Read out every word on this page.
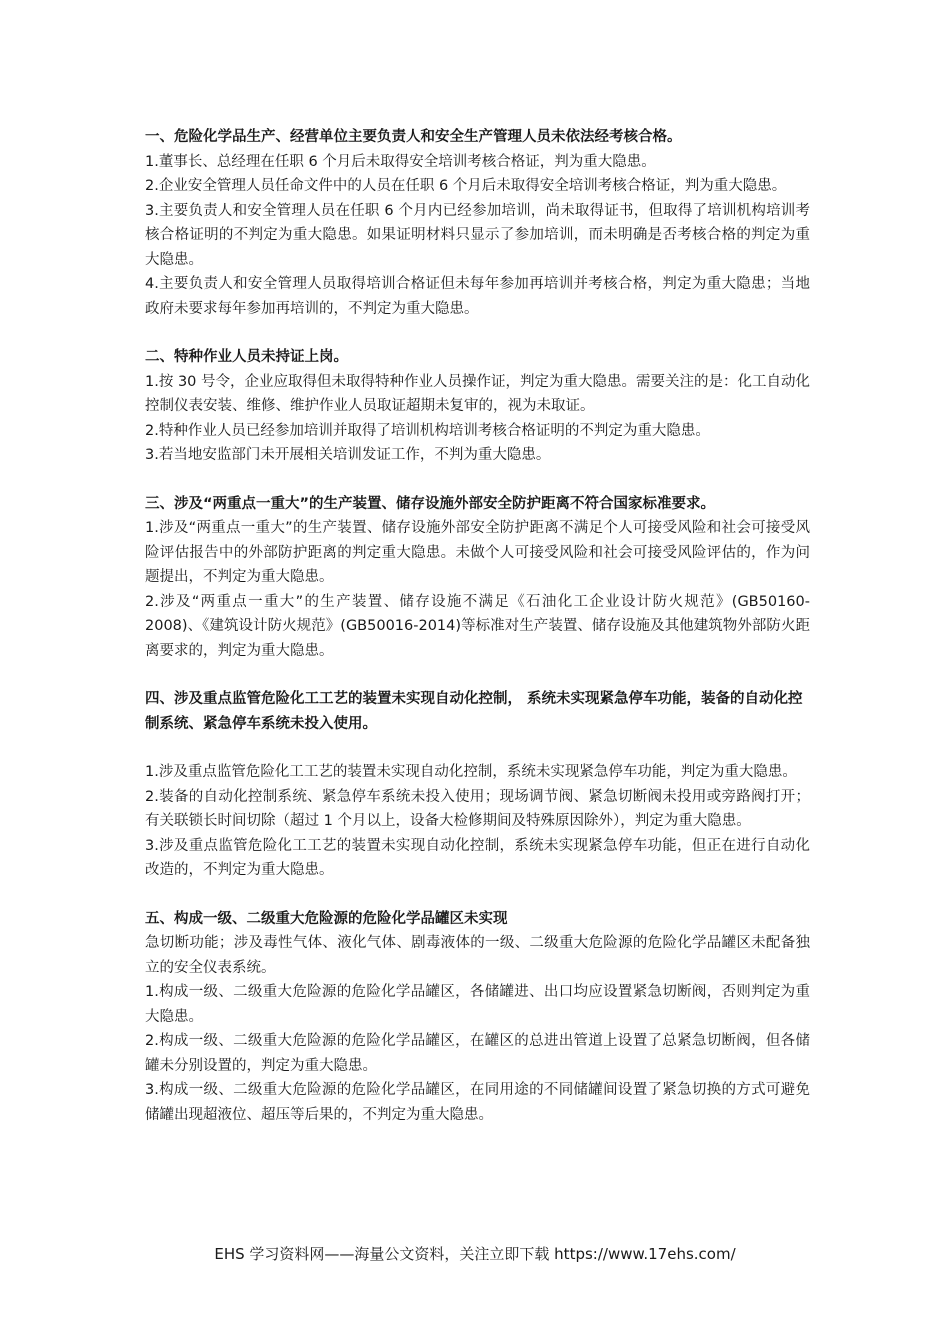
一、危险化学品生产、经营单位主要负责人和安全生产管理人员未依法经考核合格。

1.董事长、总经理在任职 6 个月后未取得安全培训考核合格证，判为重大隐患。

2.企业安全管理人员任命文件中的人员在任职 6 个月后未取得安全培训考核合格证，判为重大隐患。

3.主要负责人和安全管理人员在任职 6 个月内已经参加培训，尚未取得证书，但取得了培训机构培训考核合格证明的不判定为重大隐患。如果证明材料只显示了参加培训，而未明确是否考核合格的判定为重大隐患。

4.主要负责人和安全管理人员取得培训合格证但未每年参加再培训并考核合格，判定为重大隐患；当地政府未要求每年参加再培训的，不判定为重大隐患。

二、特种作业人员未持证上岗。

1.按 30 号令，企业应取得但未取得特种作业人员操作证，判定为重大隐患。需要关注的是：化工自动化控制仪表安装、维修、维护作业人员取证超期未复审的，视为未取证。

2.特种作业人员已经参加培训并取得了培训机构培训考核合格证明的不判定为重大隐患。

3.若当地安监部门未开展相关培训发证工作，不判为重大隐患。

三、涉及“两重点一重大”的生产装置、储存设施外部安全防护距离不符合国家标准要求。

1.涉及“两重点一重大”的生产装置、储存设施外部安全防护距离不满足个人可接受风险和社会可接受风险评估报告中的外部防护距离的判定重大隐患。未做个人可接受风险和社会可接受风险评估的，作为问题提出，不判定为重大隐患。

2.涉及“两重点一重大”的生产装置、储存设施不满足《石油化工企业设计防火规范》(GB50160-2008)、《建筑设计防火规范》(GB50016-2014)等标准对生产装置、储存设施及其他建筑物外部防火距离要求的，判定为重大隐患。

四、涉及重点监管危险化工工艺的装置未实现自动化控制， 系统未实现紧急停车功能，装备的自动化控制系统、紧急停车系统未投入使用。

1.涉及重点监管危险化工工艺的装置未实现自动化控制，系统未实现紧急停车功能，判定为重大隐患。

2.装备的自动化控制系统、紧急停车系统未投入使用；现场调节阀、紧急切断阀未投用或旁路阀打开；有关联锁长时间切除（超过 1 个月以上，设备大检修期间及特殊原因除外），判定为重大隐患。

3.涉及重点监管危险化工工艺的装置未实现自动化控制，系统未实现紧急停车功能，但正在进行自动化改造的，不判定为重大隐患。

五、构成一级、二级重大危险源的危险化学品罐区未实现

急切断功能；涉及毒性气体、液化气体、剧毒液体的一级、二级重大危险源的危险化学品罐区未配备独立的安全仪表系统。

1.构成一级、二级重大危险源的危险化学品罐区，各储罐进、出口均应设置紧急切断阀，否则判定为重大隐患。

2.构成一级、二级重大危险源的危险化学品罐区，在罐区的总进出管道上设置了总紧急切断阀，但各储罐未分别设置的，判定为重大隐患。

3.构成一级、二级重大危险源的危险化学品罐区，在同用途的不同储罐间设置了紧急切换的方式可避免储罐出现超液位、超压等后果的，不判定为重大隐患。

EHS 学习资料网——海量公文资料，关注立即下载 https://www.17ehs.com/
